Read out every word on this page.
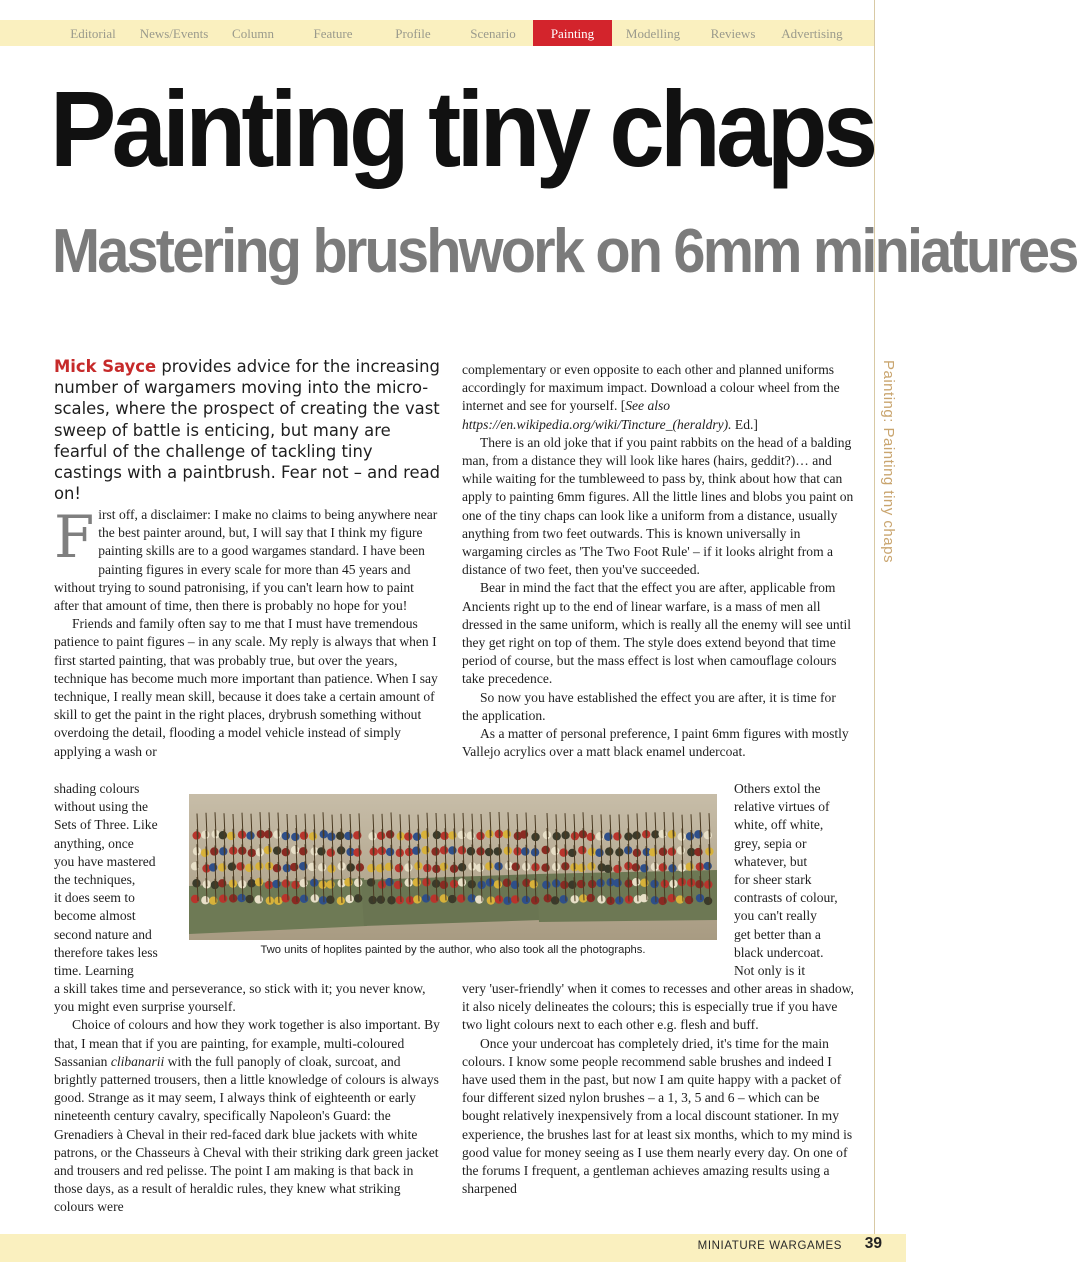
Editorial	News/Events	Column	Feature	Profile	Scenario	Painting	Modelling	Reviews	Advertising
Painting: Painting tiny chaps
Painting tiny chaps
Mastering brushwork on 6mm miniatures

Mick Sayce provides advice for the increasing number of wargamers moving into the micro-scales, where the prospect of creating the vast sweep of battle is enticing, but many are fearful of the challenge of tackling tiny castings with a paintbrush. Fear not – and read on!

First off, a disclaimer: I make no claims to being anywhere near the best painter around, but, I will say that I think my figure painting skills are to a good wargames standard. I have been painting figures in every scale for more than 45 years and without trying to sound patronising, if you can't learn how to paint after that amount of time, then there is probably no hope for you!

Friends and family often say to me that I must have tremendous patience to paint figures – in any scale. My reply is always that when I first started painting, that was probably true, but over the years, technique has become much more important than patience. When I say technique, I really mean skill, because it does take a certain amount of skill to get the paint in the right places, drybrush something without overdoing the detail, flooding a model vehicle instead of simply applying a wash or

shading colours
without using the
Sets of Three. Like
anything, once
you have mastered
the techniques,
it does seem to
become almost
second nature and
therefore takes less
time. Learning

a skill takes time and perseverance, so stick with it; you never know, you might even surprise yourself.

Choice of colours and how they work together is also important. By that, I mean that if you are painting, for example, multi-coloured Sassanian clibanarii with the full panoply of cloak, surcoat, and brightly patterned trousers, then a little knowledge of colours is always good. Strange as it may seem, I always think of eighteenth or early nineteenth century cavalry, specifically Napoleon's Guard: the Grenadiers à Cheval in their red-faced dark blue jackets with white patrons, or the Chasseurs à Cheval with their striking dark green jacket and trousers and red pelisse. The point I am making is that back in those days, as a result of heraldic rules, they knew what striking colours were

complementary or even opposite to each other and planned uniforms accordingly for maximum impact. Download a colour wheel from the internet and see for yourself. [See also https://en.wikipedia.org/wiki/Tincture_(heraldry). Ed.]

There is an old joke that if you paint rabbits on the head of a balding man, from a distance they will look like hares (hairs, geddit?)… and while waiting for the tumbleweed to pass by, think about how that can apply to painting 6mm figures. All the little lines and blobs you paint on one of the tiny chaps can look like a uniform from a distance, usually anything from two feet outwards. This is known universally in wargaming circles as 'The Two Foot Rule' – if it looks alright from a distance of two feet, then you've succeeded.

Bear in mind the fact that the effect you are after, applicable from Ancients right up to the end of linear warfare, is a mass of men all dressed in the same uniform, which is really all the enemy will see until they get right on top of them. The style does extend beyond that time period of course, but the mass effect is lost when camouflage colours take precedence.

So now you have established the effect you are after, it is time for the application.

As a matter of personal preference, I paint 6mm figures with mostly Vallejo acrylics over a matt black enamel undercoat.

Others extol the
relative virtues of
white, off white,
grey, sepia or
whatever, but
for sheer stark
contrasts of colour,
you can't really
get better than a
black undercoat.
Not only is it

very 'user-friendly' when it comes to recesses and other areas in shadow, it also nicely delineates the colours; this is especially true if you have two light colours next to each other e.g. flesh and buff.

Once your undercoat has completely dried, it's time for the main colours. I know some people recommend sable brushes and indeed I have used them in the past, but now I am quite happy with a packet of four different sized nylon brushes – a 1, 3, 5 and 6 – which can be bought relatively inexpensively from a local discount stationer. In my experience, the brushes last for at least six months, which to my mind is good value for money seeing as I use them nearly every day. On one of the forums I frequent, a gentleman achieves amazing results using a sharpened

Two units of hoplites painted by the author, who also took all the photographs.
MINIATURE WARGAMES 39
